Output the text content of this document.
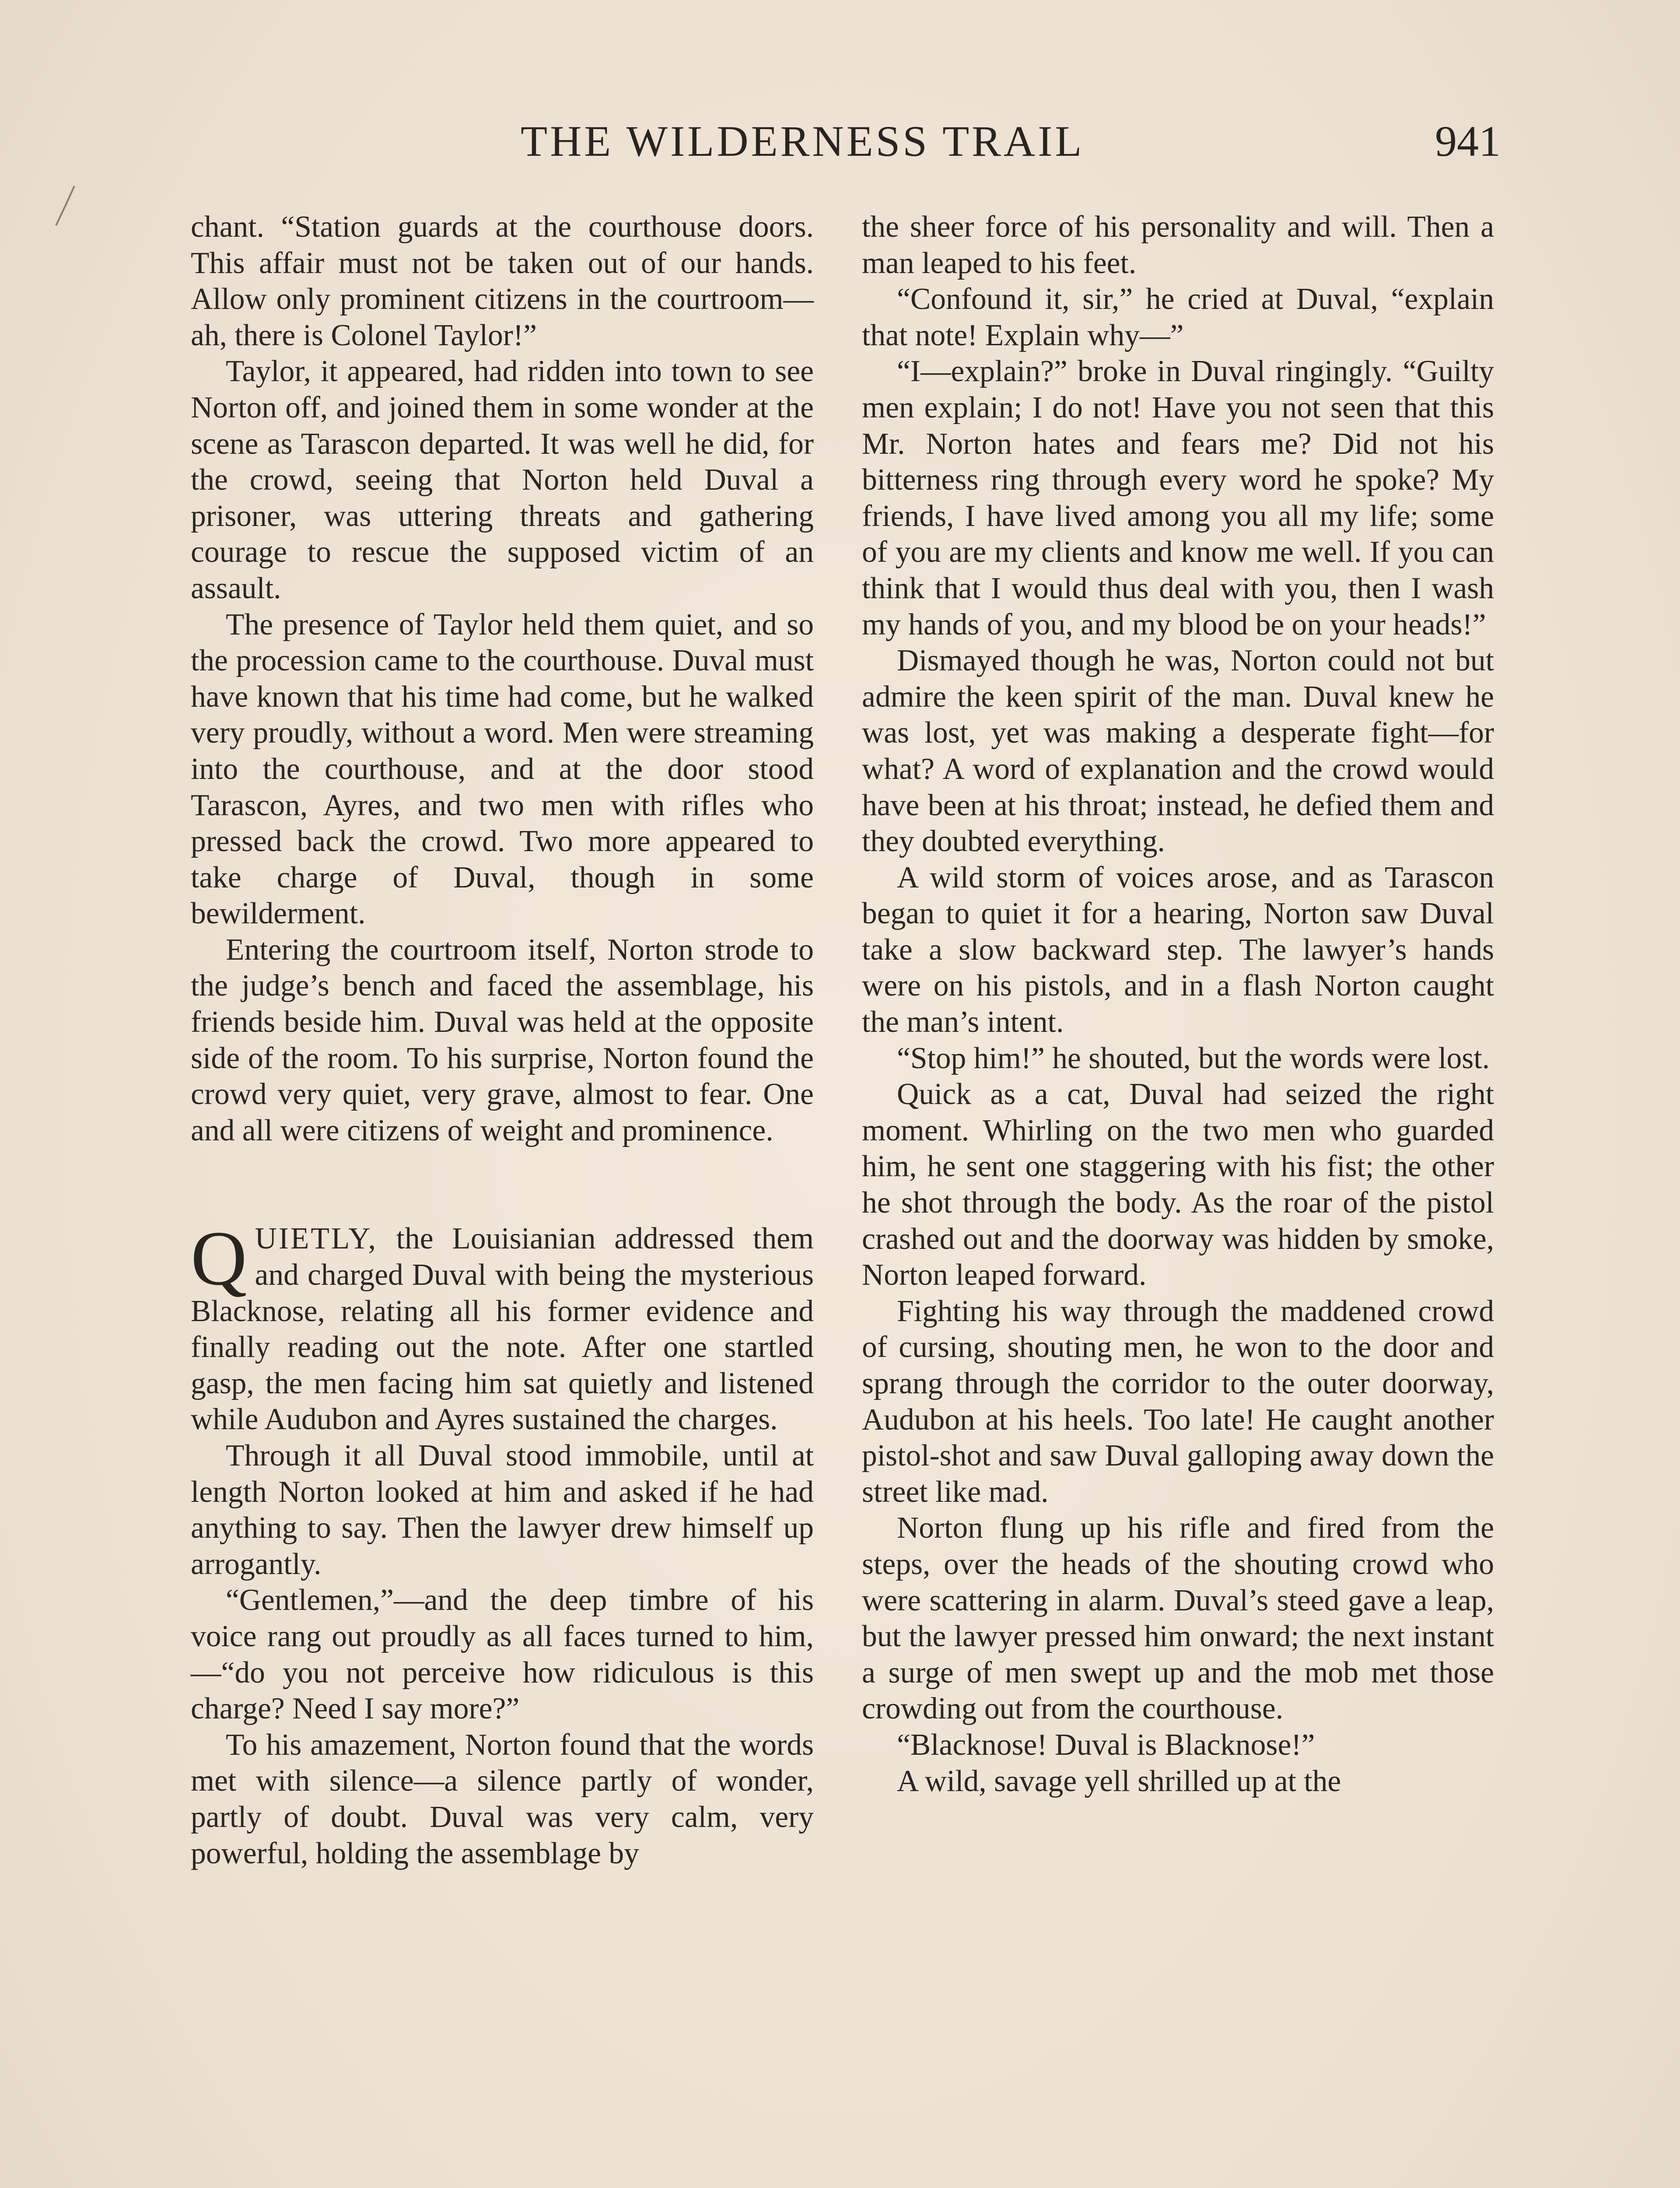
THE WILDERNESS TRAIL	941

chant. “Station guards at the courthouse doors. This affair must not be taken out of our hands. Allow only prominent citizens in the courtroom—ah, there is Colonel Taylor!”

Taylor, it appeared, had ridden into town to see Norton off, and joined them in some wonder at the scene as Tarascon departed. It was well he did, for the crowd, seeing that Norton held Duval a prisoner, was uttering threats and gathering courage to rescue the supposed victim of an assault.

The presence of Taylor held them quiet, and so the procession came to the courthouse. Duval must have known that his time had come, but he walked very proudly, without a word. Men were streaming into the courthouse, and at the door stood Tarascon, Ayres, and two men with rifles who pressed back the crowd. Two more appeared to take charge of Duval, though in some bewilderment.

Entering the courtroom itself, Norton strode to the judge’s bench and faced the assemblage, his friends beside him. Duval was held at the opposite side of the room. To his surprise, Norton found the crowd very quiet, very grave, almost to fear. One and all were citizens of weight and prominence.

QUIETLY, the Louisianian addressed them and charged Duval with being the mysterious Blacknose, relating all his former evidence and finally reading out the note. After one startled gasp, the men facing him sat quietly and listened while Audubon and Ayres sustained the charges.

Through it all Duval stood immobile, until at length Norton looked at him and asked if he had anything to say. Then the lawyer drew himself up arrogantly.

“Gentlemen,”—and the deep timbre of his voice rang out proudly as all faces turned to him,—“do you not perceive how ridiculous is this charge? Need I say more?”

To his amazement, Norton found that the words met with silence—a silence partly of wonder, partly of doubt. Duval was very calm, very powerful, holding the assemblage by

the sheer force of his personality and will. Then a man leaped to his feet.

“Confound it, sir,” he cried at Duval, “explain that note! Explain why—”

“I—explain?” broke in Duval ringingly. “Guilty men explain; I do not! Have you not seen that this Mr. Norton hates and fears me? Did not his bitterness ring through every word he spoke? My friends, I have lived among you all my life; some of you are my clients and know me well. If you can think that I would thus deal with you, then I wash my hands of you, and my blood be on your heads!”

Dismayed though he was, Norton could not but admire the keen spirit of the man. Duval knew he was lost, yet was making a desperate fight—for what? A word of explanation and the crowd would have been at his throat; instead, he defied them and they doubted everything.

A wild storm of voices arose, and as Tarascon began to quiet it for a hearing, Norton saw Duval take a slow backward step. The lawyer’s hands were on his pistols, and in a flash Norton caught the man’s intent.

“Stop him!” he shouted, but the words were lost.

Quick as a cat, Duval had seized the right moment. Whirling on the two men who guarded him, he sent one staggering with his fist; the other he shot through the body. As the roar of the pistol crashed out and the doorway was hidden by smoke, Norton leaped forward.

Fighting his way through the maddened crowd of cursing, shouting men, he won to the door and sprang through the corridor to the outer doorway, Audubon at his heels. Too late! He caught another pistol-shot and saw Duval galloping away down the street like mad.

Norton flung up his rifle and fired from the steps, over the heads of the shouting crowd who were scattering in alarm. Duval’s steed gave a leap, but the lawyer pressed him onward; the next instant a surge of men swept up and the mob met those crowding out from the courthouse.

“Blacknose! Duval is Blacknose!”

A wild, savage yell shrilled up at the
